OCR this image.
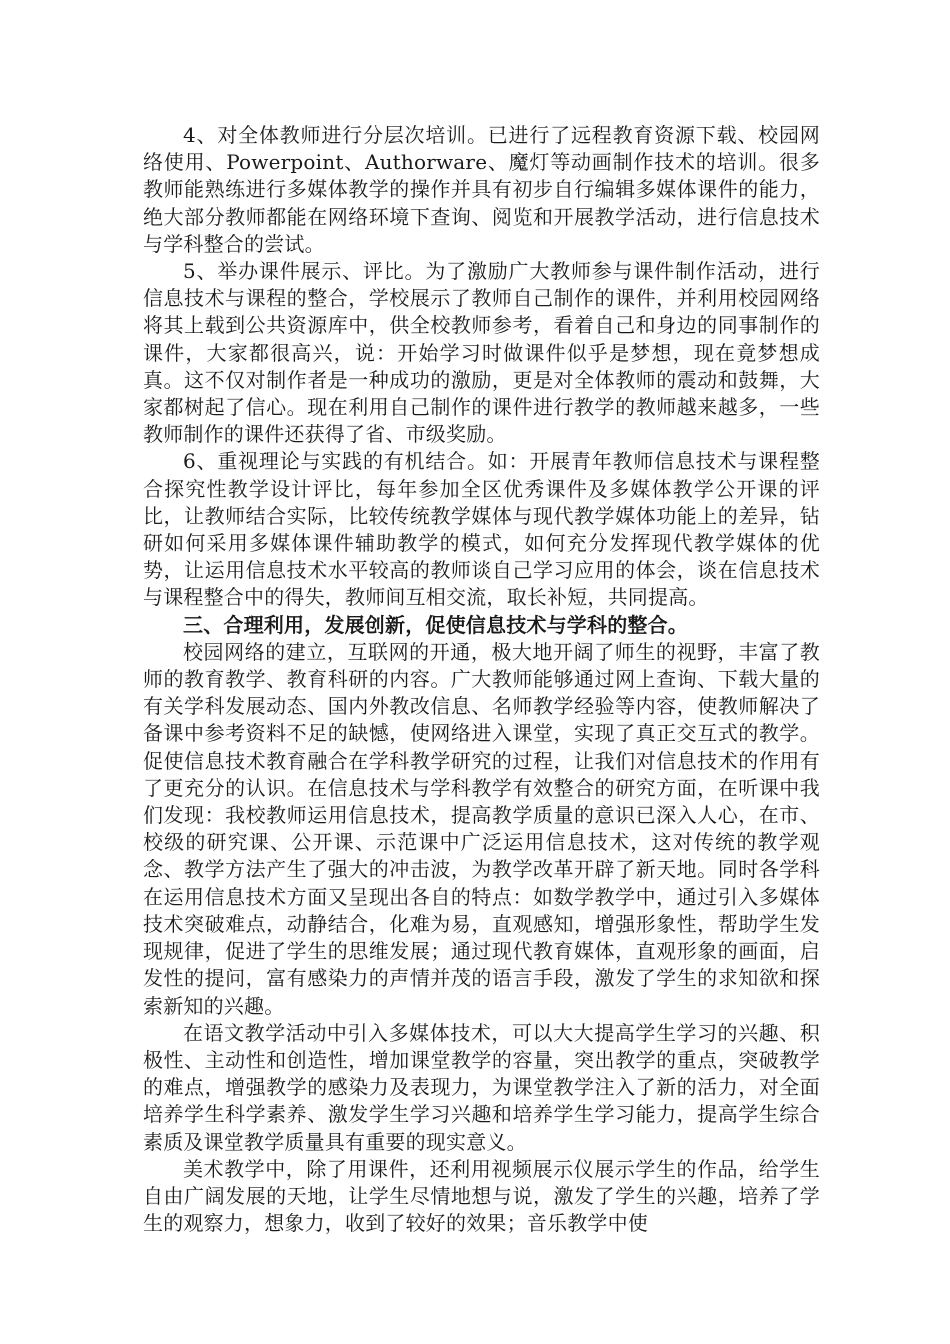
4、对全体教师进行分层次培训。已进行了远程教育资源下载、校园网络使用、Powerpoint、Authorware、魔灯等动画制作技术的培训。很多教师能熟练进行多媒体教学的操作并具有初步自行编辑多媒体课件的能力，绝大部分教师都能在网络环境下查询、阅览和开展教学活动，进行信息技术与学科整合的尝试。

5、举办课件展示、评比。为了激励广大教师参与课件制作活动，进行信息技术与课程的整合，学校展示了教师自己制作的课件，并利用校园网络将其上载到公共资源库中，供全校教师参考，看着自己和身边的同事制作的课件，大家都很高兴，说：开始学习时做课件似乎是梦想，现在竟梦想成真。这不仅对制作者是一种成功的激励，更是对全体教师的震动和鼓舞，大家都树起了信心。现在利用自己制作的课件进行教学的教师越来越多，一些教师制作的课件还获得了省、市级奖励。

6、重视理论与实践的有机结合。如：开展青年教师信息技术与课程整合探究性教学设计评比，每年参加全区优秀课件及多媒体教学公开课的评比，让教师结合实际，比较传统教学媒体与现代教学媒体功能上的差异，钻研如何采用多媒体课件辅助教学的模式，如何充分发挥现代教学媒体的优势，让运用信息技术水平较高的教师谈自己学习应用的体会，谈在信息技术与课程整合中的得失，教师间互相交流，取长补短，共同提高。

三、合理利用，发展创新，促使信息技术与学科的整合。

校园网络的建立，互联网的开通，极大地开阔了师生的视野，丰富了教师的教育教学、教育科研的内容。广大教师能够通过网上查询、下载大量的有关学科发展动态、国内外教改信息、名师教学经验等内容，使教师解决了备课中参考资料不足的缺憾，使网络进入课堂，实现了真正交互式的教学。促使信息技术教育融合在学科教学研究的过程，让我们对信息技术的作用有了更充分的认识。在信息技术与学科教学有效整合的研究方面，在听课中我们发现：我校教师运用信息技术，提高教学质量的意识已深入人心，在市、校级的研究课、公开课、示范课中广泛运用信息技术，这对传统的教学观念、教学方法产生了强大的冲击波，为教学改革开辟了新天地。同时各学科在运用信息技术方面又呈现出各自的特点：如数学教学中，通过引入多媒体技术突破难点，动静结合，化难为易，直观感知，增强形象性，帮助学生发现规律，促进了学生的思维发展；通过现代教育媒体，直观形象的画面，启发性的提问，富有感染力的声情并茂的语言手段，激发了学生的求知欲和探索新知的兴趣。

在语文教学活动中引入多媒体技术，可以大大提高学生学习的兴趣、积极性、主动性和创造性，增加课堂教学的容量，突出教学的重点，突破教学的难点，增强教学的感染力及表现力，为课堂教学注入了新的活力，对全面培养学生科学素养、激发学生学习兴趣和培养学生学习能力，提高学生综合素质及课堂教学质量具有重要的现实意义。

美术教学中，除了用课件，还利用视频展示仪展示学生的作品，给学生自由广阔发展的天地，让学生尽情地想与说，激发了学生的兴趣，培养了学生的观察力，想象力，收到了较好的效果；音乐教学中使
